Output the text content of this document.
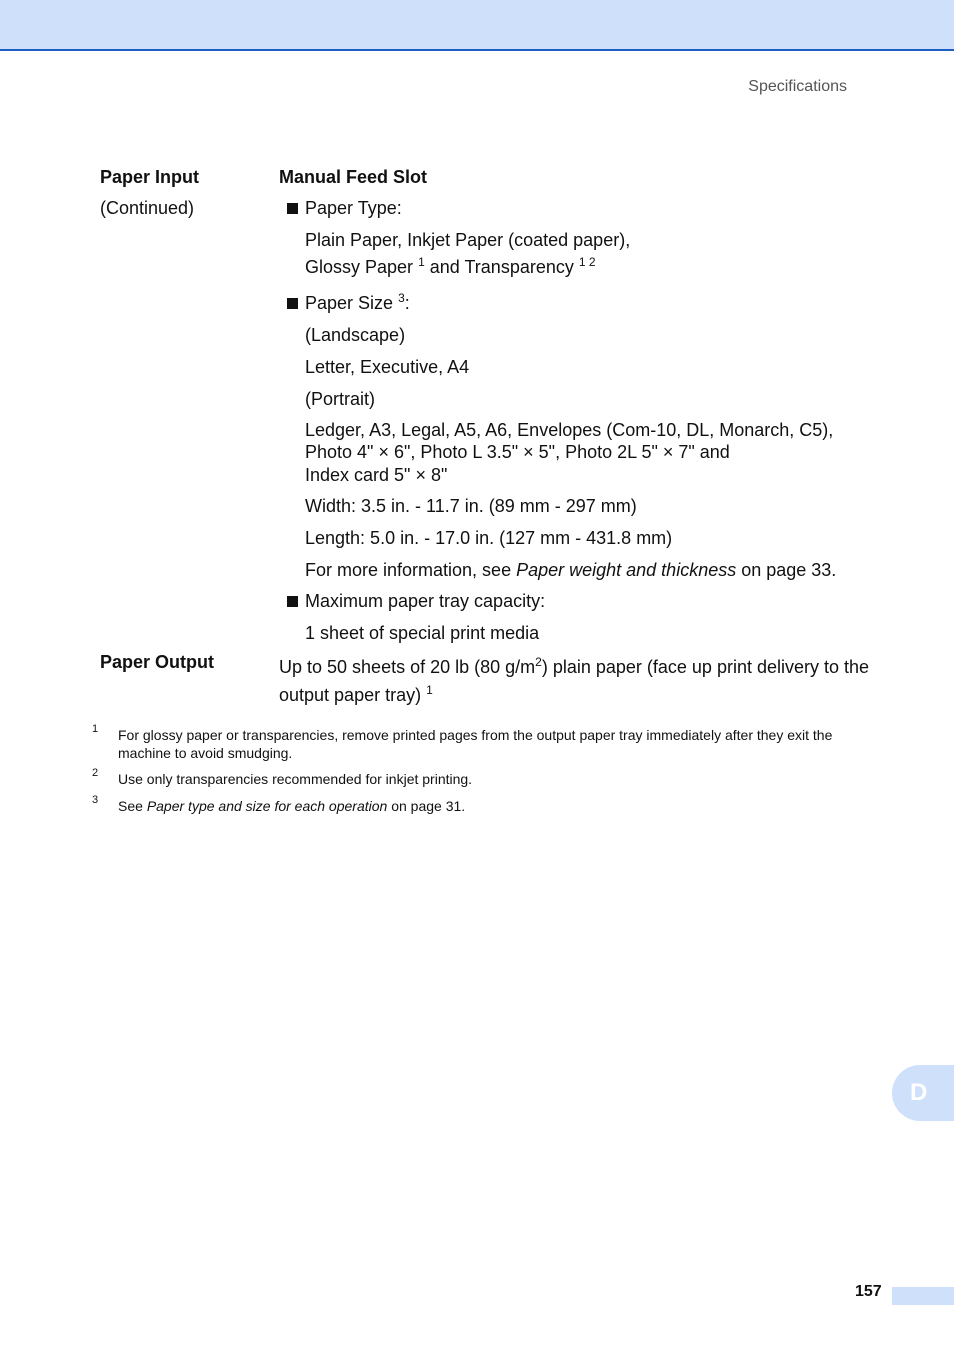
Specifications
Paper Input
(Continued)
Manual Feed Slot
Paper Type:
Plain Paper, Inkjet Paper (coated paper),
Glossy Paper $^1$ and Transparency $^{1 2}$
Paper Size $^3$:
(Landscape)
Letter, Executive, A4
(Portrait)
Ledger, A3, Legal, A5, A6, Envelopes (Com-10, DL, Monarch, C5),
Photo 4" × 6", Photo L 3.5" × 5", Photo 2L 5" × 7" and
Index card 5" × 8"
Width: 3.5 in. - 11.7 in. (89 mm - 297 mm)
Length: 5.0 in. - 17.0 in. (127 mm - 431.8 mm)
For more information, see Paper weight and thickness on page 33.
Maximum paper tray capacity:
1 sheet of special print media
Paper Output	Up to 50 sheets of 20 lb (80 $g/m^2$) plain paper (face up print delivery to the
output paper tray) $^1$
1 For glossy paper or transparencies, remove printed pages from the output paper tray immediately after they exit the
machine to avoid smudging.
2 Use only transparencies recommended for inkjet printing.
3 See Paper type and size for each operation on page 31.
D
157
